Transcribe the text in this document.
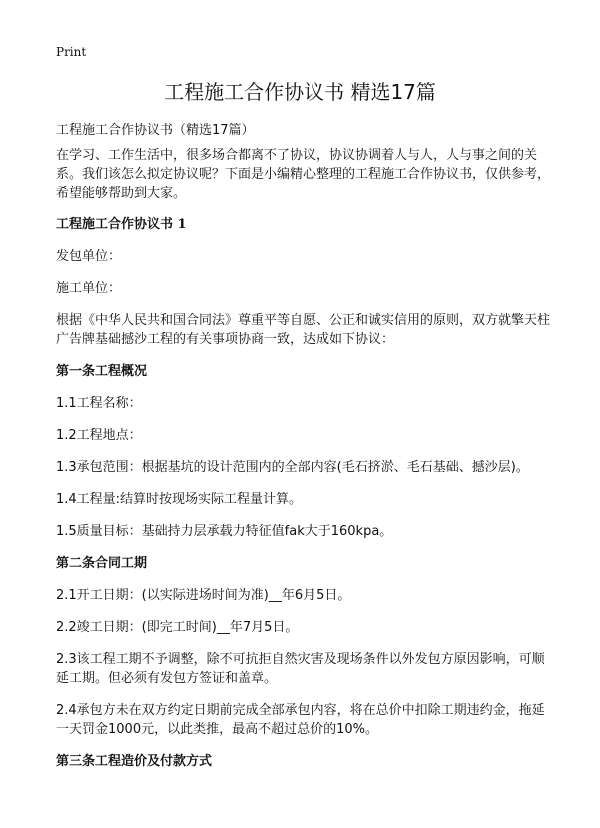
Print
工程施工合作协议书 精选17篇

工程施工合作协议书（精选17篇）

在学习、工作生活中，很多场合都离不了协议，协议协调着人与人，人与事之间的关系。我们该怎么拟定协议呢？下面是小编精心整理的工程施工合作协议书，仅供参考，希望能够帮助到大家。

工程施工合作协议书 1

发包单位：

施工单位：

根据《中华人民共和国合同法》尊重平等自愿、公正和诚实信用的原则，双方就擎天柱广告牌基础撼沙工程的有关事项协商一致，达成如下协议：

第一条工程概况

1.1工程名称：

1.2工程地点：

1.3承包范围：根据基坑的设计范围内的全部内容(毛石挤淤、毛石基础、撼沙层)。

1.4工程量:结算时按现场实际工程量计算。

1.5质量目标：基础持力层承载力特征值fak大于160kpa。

第二条合同工期

2.1开工日期：(以实际进场时间为准)__年6月5日。

2.2竣工日期：(即完工时间)__年7月5日。

2.3该工程工期不予调整，除不可抗拒自然灾害及现场条件以外发包方原因影响，可顺延工期。但必须有发包方签证和盖章。

2.4承包方未在双方约定日期前完成全部承包内容，将在总价中扣除工期违约金，拖延一天罚金1000元，以此类推，最高不超过总价的10%。

第三条工程造价及付款方式
